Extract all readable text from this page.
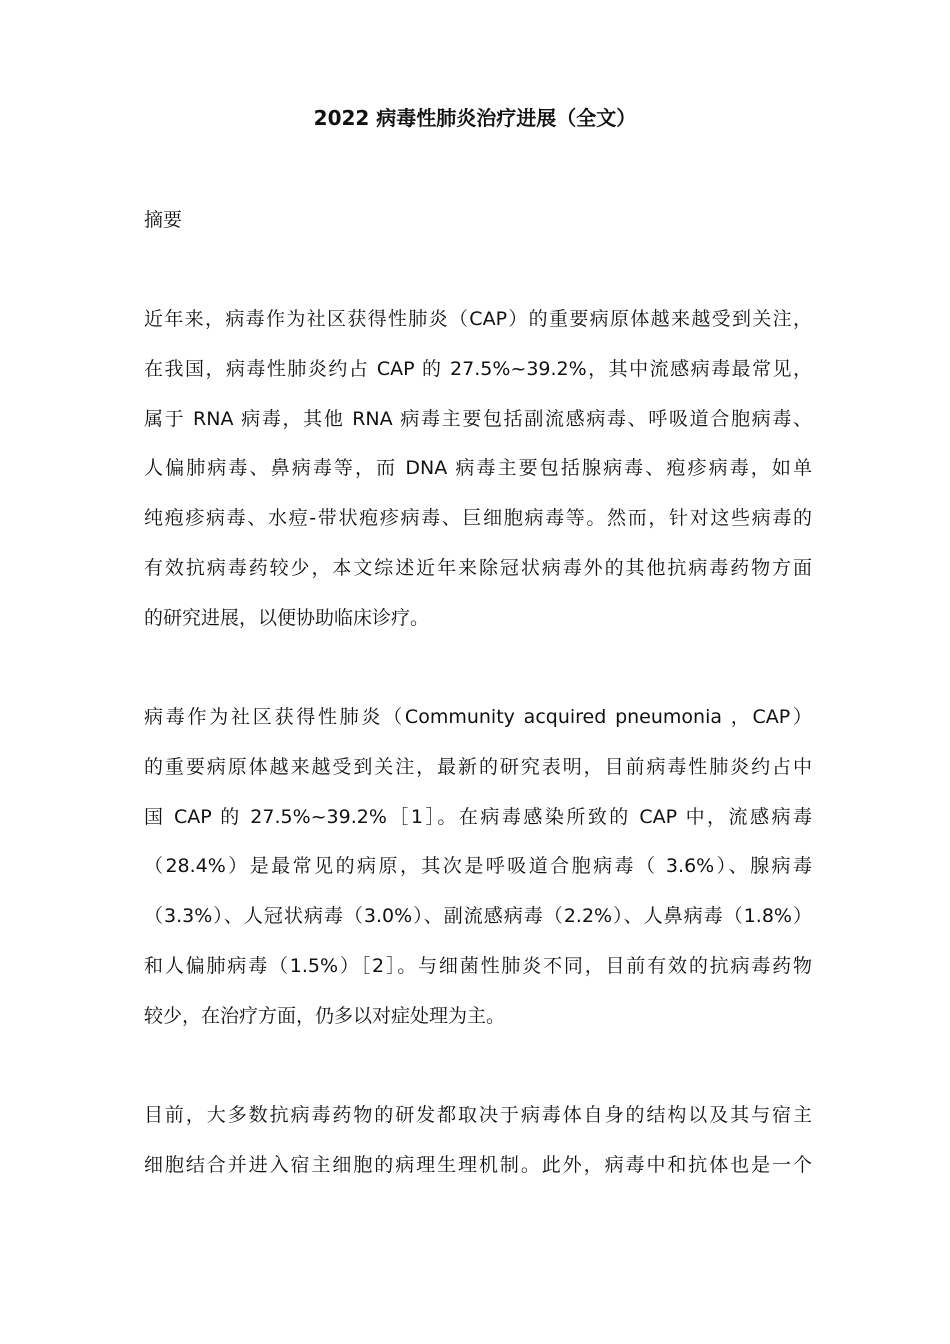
2022 病毒性肺炎治疗进展（全文）

摘要

近年来，病毒作为社区获得性肺炎（CAP）的重要病原体越来越受到关注，
在我国，病毒性肺炎约占 CAP 的 27.5%~39.2%，其中流感病毒最常见，
属于 RNA 病毒，其他 RNA 病毒主要包括副流感病毒、呼吸道合胞病毒、
人偏肺病毒、鼻病毒等，而 DNA 病毒主要包括腺病毒、疱疹病毒，如单
纯疱疹病毒、水痘-带状疱疹病毒、巨细胞病毒等。然而，针对这些病毒的
有效抗病毒药较少，本文综述近年来除冠状病毒外的其他抗病毒药物方面
的研究进展，以便协助临床诊疗。
病毒作为社区获得性肺炎（Community acquired pneumonia ，CAP）
的重要病原体越来越受到关注，最新的研究表明，目前病毒性肺炎约占中
国 CAP 的 27.5%~39.2%［1］。在病毒感染所致的 CAP 中，流感病毒
（28.4%）是最常见的病原，其次是呼吸道合胞病毒（ 3.6%）、腺病毒
（3.3%）、人冠状病毒（3.0%）、副流感病毒（2.2%）、人鼻病毒（1.8%）
和人偏肺病毒（1.5%）［2］。与细菌性肺炎不同，目前有效的抗病毒药物
较少，在治疗方面，仍多以对症处理为主。
目前，大多数抗病毒药物的研发都取决于病毒体自身的结构以及其与宿主
细胞结合并进入宿主细胞的病理生理机制。此外，病毒中和抗体也是一个
